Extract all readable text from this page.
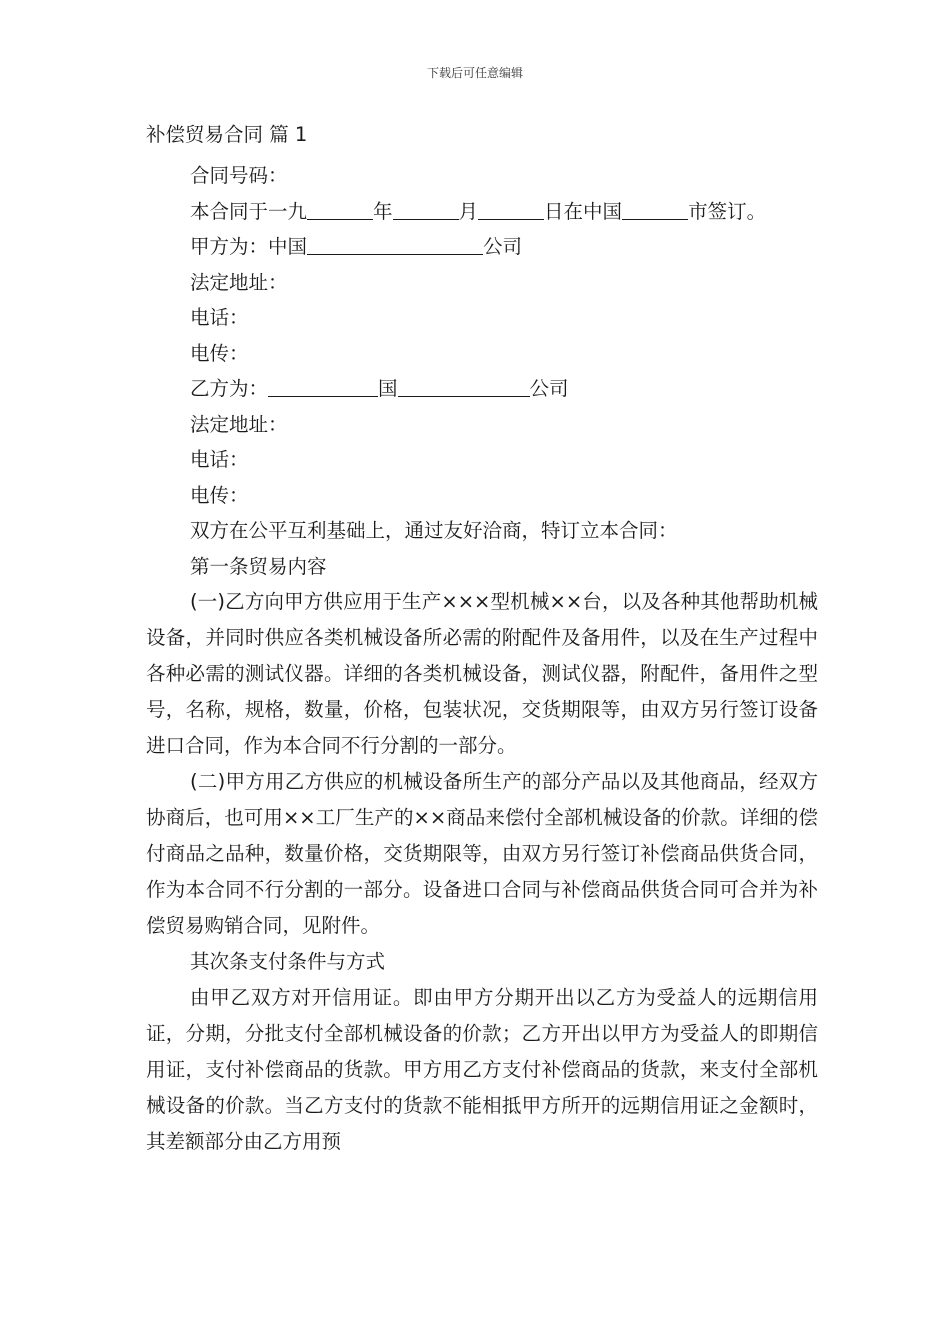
下载后可任意编辑
补偿贸易合同 篇 1
合同号码：
本合同于一九	年	月	日在中国	市签订。
甲方为：中国	公司
法定地址：
电话：
电传：
乙方为：	国	公司
法定地址：
电话：
电传：
双方在公平互利基础上，通过友好洽商，特订立本合同：
第一条贸易内容

(一)乙方向甲方供应用于生产×××型机械××台，以及各种其他帮助机械设备，并同时供应各类机械设备所必需的附配件及备用件，以及在生产过程中各种必需的测试仪器。详细的各类机械设备，测试仪器，附配件，备用件之型号，名称，规格，数量，价格，包装状况，交货期限等，由双方另行签订设备进口合同，作为本合同不行分割的一部分。

(二)甲方用乙方供应的机械设备所生产的部分产品以及其他商品，经双方协商后，也可用××工厂生产的××商品来偿付全部机械设备的价款。详细的偿付商品之品种，数量价格，交货期限等，由双方另行签订补偿商品供货合同，作为本合同不行分割的一部分。设备进口合同与补偿商品供货合同可合并为补偿贸易购销合同，见附件。

其次条支付条件与方式

由甲乙双方对开信用证。即由甲方分期开出以乙方为受益人的远期信用证，分期，分批支付全部机械设备的价款；乙方开出以甲方为受益人的即期信用证，支付补偿商品的货款。甲方用乙方支付补偿商品的货款，来支付全部机械设备的价款。当乙方支付的货款不能相抵甲方所开的远期信用证之金额时，其差额部分由乙方用预
